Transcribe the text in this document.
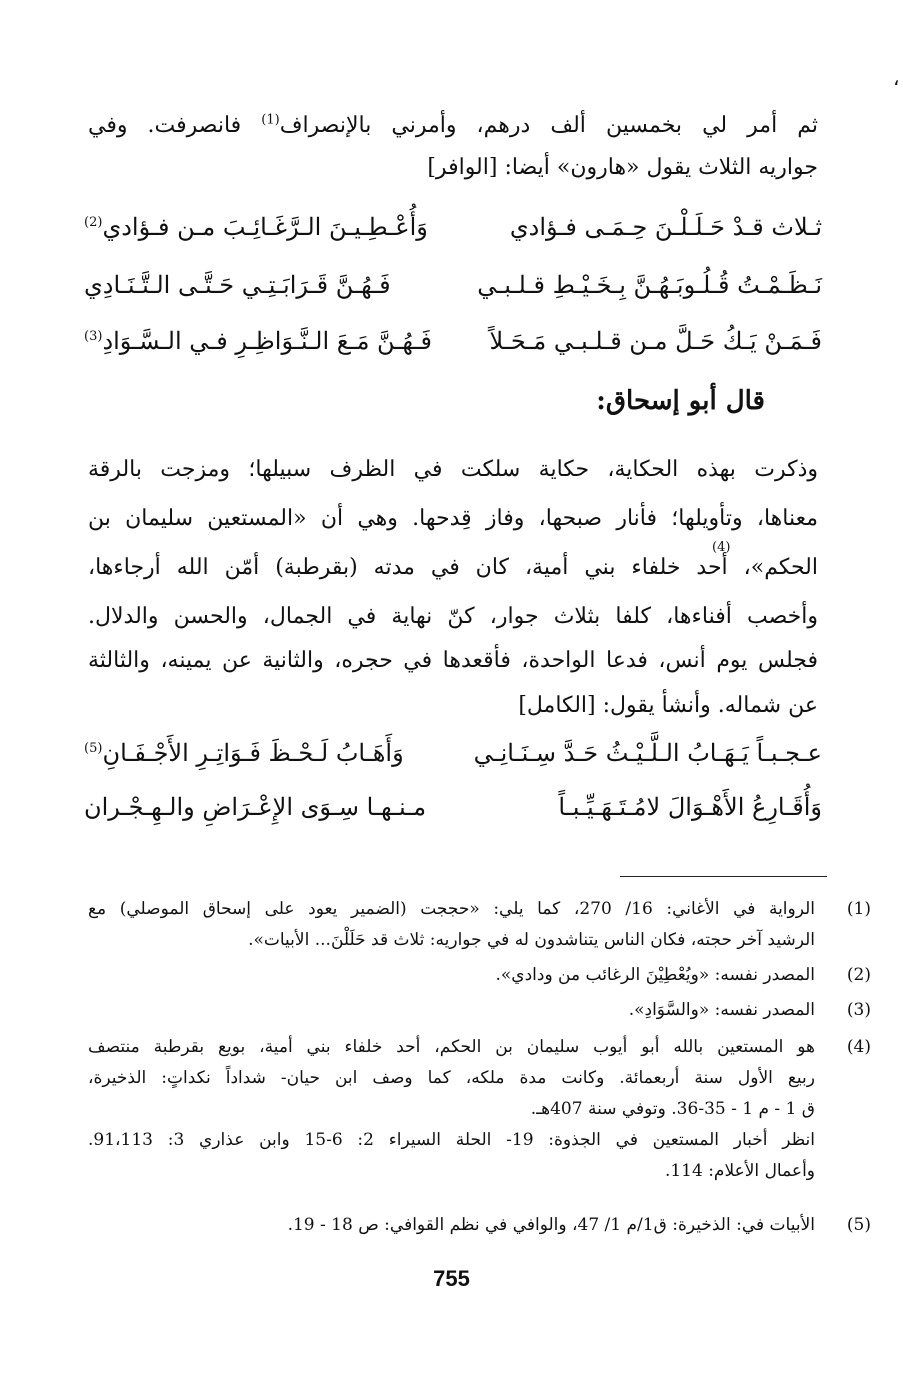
،
ثم أمر لي بخمسين ألف درهم، وأمرني بالإنصراف$^{(1)}$ فانصرفت. وفي
جواريه الثلاث يقول «هارون» أيضا: [الوافر]
ثـلاث قـدْ حَـلَـلْـنَ حِـمَـى فـؤادي
وَأُعْـطِـيـنَ الـرَّغَـائِـبَ مـن فـؤادي$^{(2)}$
نَـظَـمْـتُ قُـلُـوبَـهُـنَّ بِـخَـيْـطِ قـلـبـي
فَـهُـنَّ قَـرَابَـتِـي حَـتَّـى الـتَّـنَـادِي
فَـمَـنْ يَـكُ حَـلَّ مـن قـلـبـي مَـحَـلاً
فَـهُـنَّ مَـعَ الـنَّـوَاظِـرِ فـي الـسَّـوَادِ$^{(3)}$
قال أبو إسحاق:
وذكرت بهذه الحكاية، حكاية سلكت في الظرف سبيلها؛ ومزجت بالرقة
معناها، وتأويلها؛ فأنار صبحها، وفاز قِدحها. وهي أن «المستعين سليمان بن
الحكم»، أحد خلفاء بني أمية، كان في مدته (بقرطبة) أمّن الله أرجاءها،
(4)
وأخصب أفناءها، كلفا بثلاث جوار، كنّ نهاية في الجمال، والحسن والدلال.
فجلس يوم أنس، فدعا الواحدة، فأقعدها في حجره، والثانية عن يمينه، والثالثة
عن شماله. وأنشأ يقول: [الكامل]
عـجـبـاً يَـهَـابُ الـلَّـيْـثُ حَـدَّ سِـنَـانِـي
وَأَهَـابُ لَـحْـظَ فَـوَاتِـرِ الأَجْـفَـانِ$^{(5)}$
وَأُقَـارِعُ الأَهْـوَالَ لامُـتَـهَـيِّـبـاً
مـنـهـا سِـوَى الإِعْـرَاضِ والـهِـجْـران
(1)
الرواية في الأغاني: 16/ 270، كما يلي: «حججت (الضمير يعود على إسحاق الموصلي) مع
الرشيد آخر حجته، فكان الناس يتناشدون له في جواريه: ثلاث قد حَلَلْنَ... الأبيات».
(2)
المصدر نفسه: «ويُعْطِيْنَ الرغائب من ودادي».
(3)
المصدر نفسه: «والسَّوَادِ».
(4)
هو المستعين بالله أبو أيوب سليمان بن الحكم، أحد خلفاء بني أمية، بويع بقرطبة منتصف
ربيع الأول سنة أربعمائة. وكانت مدة ملكه، كما وصف ابن حيان- شداداً نكداتٍ: الذخيرة،
ق 1 - م 1 - 35-36. وتوفي سنة 407هـ.
انظر أخبار المستعين في الجذوة: 19- الحلة السيراء 2: 6-15 وابن عذاري 3: 91،113.
وأعمال الأعلام: 114.
(5)
الأبيات في: الذخيرة: ق1/م 1/ 47، والوافي في نظم القوافي: ص 18 - 19.
755
